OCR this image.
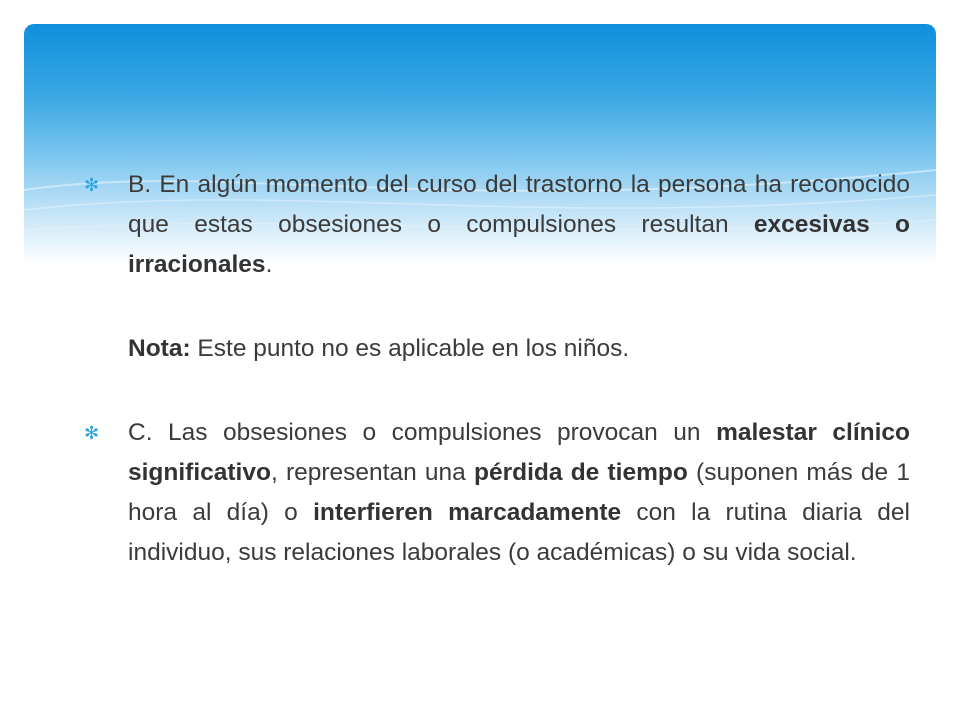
✻ B. En algún momento del curso del trastorno la persona ha reconocido que estas obsesiones o compulsiones resultan excesivas o irracionales.
Nota: Este punto no es aplicable en los niños.
✻ C. Las obsesiones o compulsiones provocan un malestar clínico significativo, representan una pérdida de tiempo (suponen más de 1 hora al día) o interfieren marcadamente con la rutina diaria del individuo, sus relaciones laborales (o académicas) o su vida social.
